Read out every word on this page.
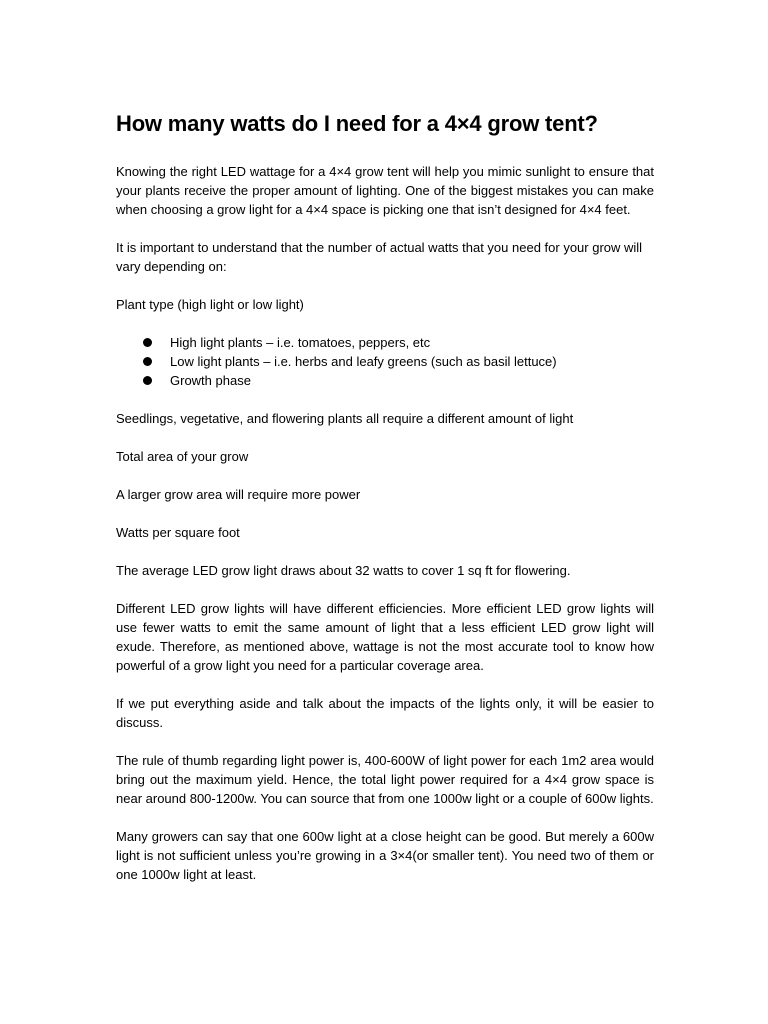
How many watts do I need for a 4×4 grow tent?

Knowing the right LED wattage for a 4×4 grow tent will help you mimic sunlight to ensure that your plants receive the proper amount of lighting. One of the biggest mistakes you can make when choosing a grow light for a 4×4 space is picking one that isn’t designed for 4×4 feet.

It is important to understand that the number of actual watts that you need for your grow will vary depending on:

Plant type (high light or low light)

High light plants – i.e. tomatoes, peppers, etc
Low light plants – i.e. herbs and leafy greens (such as basil lettuce)
Growth phase

Seedlings, vegetative, and flowering plants all require a different amount of light

Total area of your grow

A larger grow area will require more power

Watts per square foot

The average LED grow light draws about 32 watts to cover 1 sq ft for flowering.

Different LED grow lights will have different efficiencies. More efficient LED grow lights will use fewer watts to emit the same amount of light that a less efficient LED grow light will exude. Therefore, as mentioned above, wattage is not the most accurate tool to know how powerful of a grow light you need for a particular coverage area.

If we put everything aside and talk about the impacts of the lights only, it will be easier to discuss.

The rule of thumb regarding light power is, 400-600W of light power for each 1m2 area would bring out the maximum yield. Hence, the total light power required for a 4×4 grow space is near around 800-1200w. You can source that from one 1000w light or a couple of 600w lights.

Many growers can say that one 600w light at a close height can be good. But merely a 600w light is not sufficient unless you’re growing in a 3×4(or smaller tent). You need two of them or one 1000w light at least.
